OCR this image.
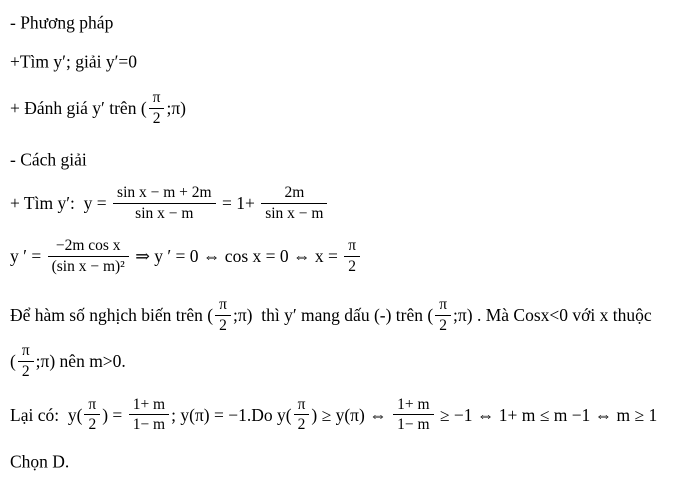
- Phương pháp
+Tìm y′; giải y′=0
+ Đánh giá y′ trên ( $\frac{\pi}{2}$ ;π)
- Cách giải
+ Tìm y′:  $y = \frac{\text{sin x − m + 2m}}{\text{sin x − m}} = 1+ \frac{2m}{\text{sin x − m}}$
y ′ = $\frac{\text{−2m cos x}}{\text{(sin x − m)²}}$ ⇒ y ′ = 0 ⇔ cos x = 0 ⇔ $x = \frac{\pi}{2}$
Để hàm số nghịch biến trên ( $\frac{\pi}{2}$ ;π)  thì y′ mang dấu (-) trên ( $\frac{\pi}{2}$ ;π) . Mà Cosx<0 với x thuộc
( $\frac{\pi}{2}$ ;π) nên m>0.
Lại có:  $y( \frac{\pi}{2}$ ) = $\frac{1+ m}{1- m}$ ; y(π) = −1.Do $y( \frac{\pi}{2}$ ) ≥ y(π) ⇔ $\frac{1+ m}{1- m} \ge -1$ ⇔ 1+ m ≤ m −1 ⇔ m ≥ 1
Chọn D.
